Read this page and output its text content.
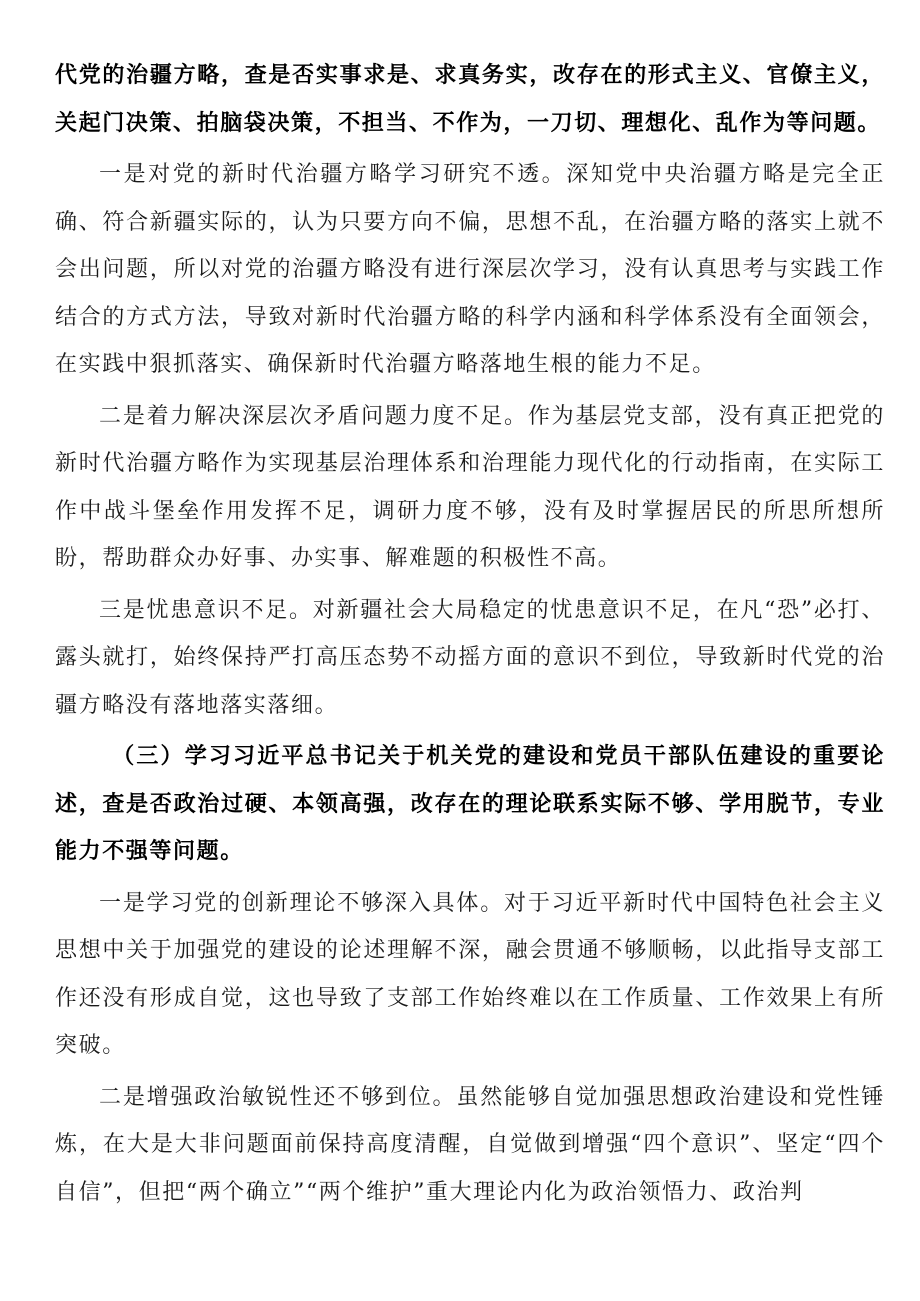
代党的治疆方略，查是否实事求是、求真务实，改存在的形式主义、官僚主义，关起门决策、拍脑袋决策，不担当、不作为，一刀切、理想化、乱作为等问题。

一是对党的新时代治疆方略学习研究不透。深知党中央治疆方略是完全正确、符合新疆实际的，认为只要方向不偏，思想不乱，在治疆方略的落实上就不会出问题，所以对党的治疆方略没有进行深层次学习，没有认真思考与实践工作结合的方式方法，导致对新时代治疆方略的科学内涵和科学体系没有全面领会，在实践中狠抓落实、确保新时代治疆方略落地生根的能力不足。

二是着力解决深层次矛盾问题力度不足。作为基层党支部，没有真正把党的新时代治疆方略作为实现基层治理体系和治理能力现代化的行动指南，在实际工作中战斗堡垒作用发挥不足，调研力度不够，没有及时掌握居民的所思所想所盼，帮助群众办好事、办实事、解难题的积极性不高。

三是忧患意识不足。对新疆社会大局稳定的忧患意识不足，在凡“恐”必打、露头就打，始终保持严打高压态势不动摇方面的意识不到位，导致新时代党的治疆方略没有落地落实落细。

（三）学习习近平总书记关于机关党的建设和党员干部队伍建设的重要论述，查是否政治过硬、本领高强，改存在的理论联系实际不够、学用脱节，专业能力不强等问题。

一是学习党的创新理论不够深入具体。对于习近平新时代中国特色社会主义思想中关于加强党的建设的论述理解不深，融会贯通不够顺畅，以此指导支部工作还没有形成自觉，这也导致了支部工作始终难以在工作质量、工作效果上有所突破。

二是增强政治敏锐性还不够到位。虽然能够自觉加强思想政治建设和党性锤炼，在大是大非问题面前保持高度清醒，自觉做到增强“四个意识”、坚定“四个自信”，但把“两个确立”“两个维护”重大理论内化为政治领悟力、政治判
